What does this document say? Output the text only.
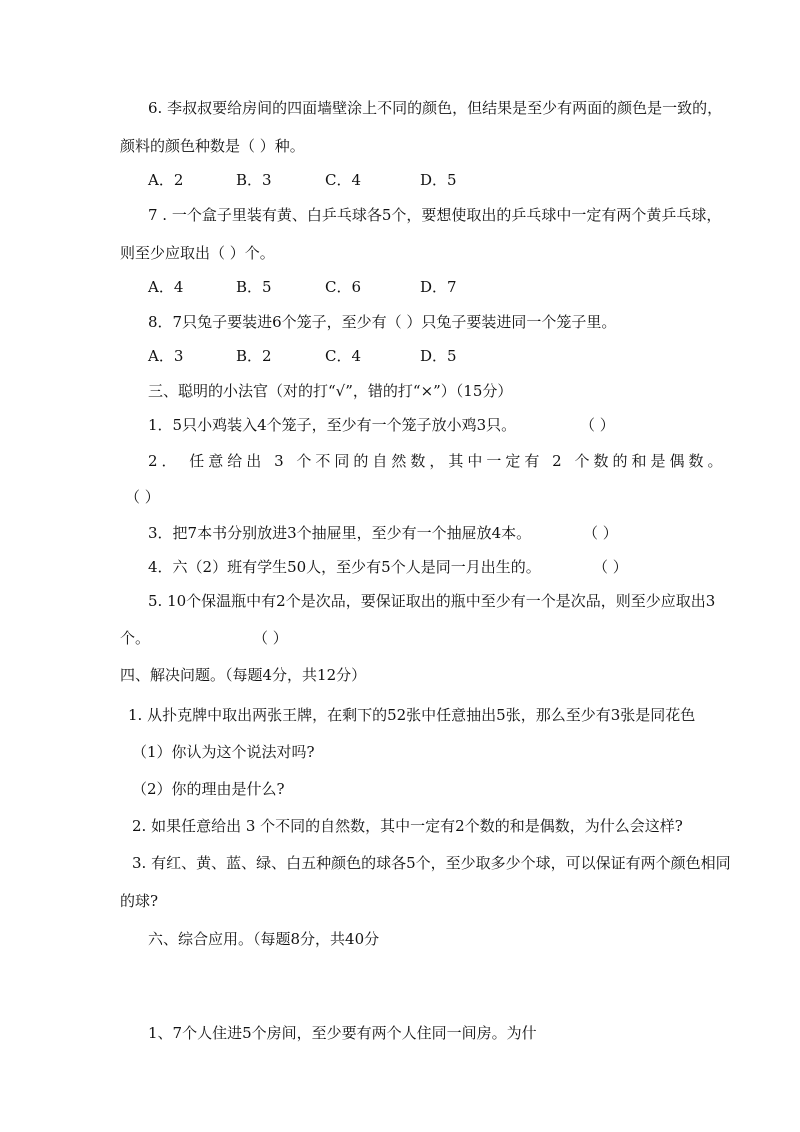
6. 李叔叔要给房间的四面墙壁涂上不同的颜色，但结果是至少有两面的颜色是一致的，
颜料的颜色种数是（ ）种。
A．2	B．3	C．4	D．5
7 . 一个盒子里装有黄、白乒乓球各5个，要想使取出的乒乓球中一定有两个黄乒乓球，
则至少应取出（ ）个。
A．4	B．5	C．6	D．7
8．7只兔子要装进6个笼子，至少有（ ）只兔子要装进同一个笼子里。
A．3	B．2	C．4	D．5
三、聪明的小法官（对的打“√”，错的打“×”）（15分）
1．5只小鸡装入4个笼子，至少有一个笼子放小鸡3只。	（ ）
2． 任意给出 3 个不同的自然数，其中一定有 2 个数的和是偶数。
（ ）
3．把7本书分别放进3个抽屉里，至少有一个抽屉放4本。	（ ）
4．六（2）班有学生50人，至少有5个人是同一月出生的。	（ ）
5. 10个保温瓶中有2个是次品，要保证取出的瓶中至少有一个是次品，则至少应取出3
个。	（ ）
四、解决问题。（每题4分，共12分）
1. 从扑克牌中取出两张王牌，在剩下的52张中任意抽出5张，那么至少有3张是同花色
（1）你认为这个说法对吗?
（2）你的理由是什么?
2. 如果任意给出 3 个不同的自然数，其中一定有2个数的和是偶数，为什么会这样?
3. 有红、黄、蓝、绿、白五种颜色的球各5个，至少取多少个球，可以保证有两个颜色相同
的球?
六、综合应用。（每题8分，共40分
1、7个人住进5个房间，至少要有两个人住同一间房。为什
